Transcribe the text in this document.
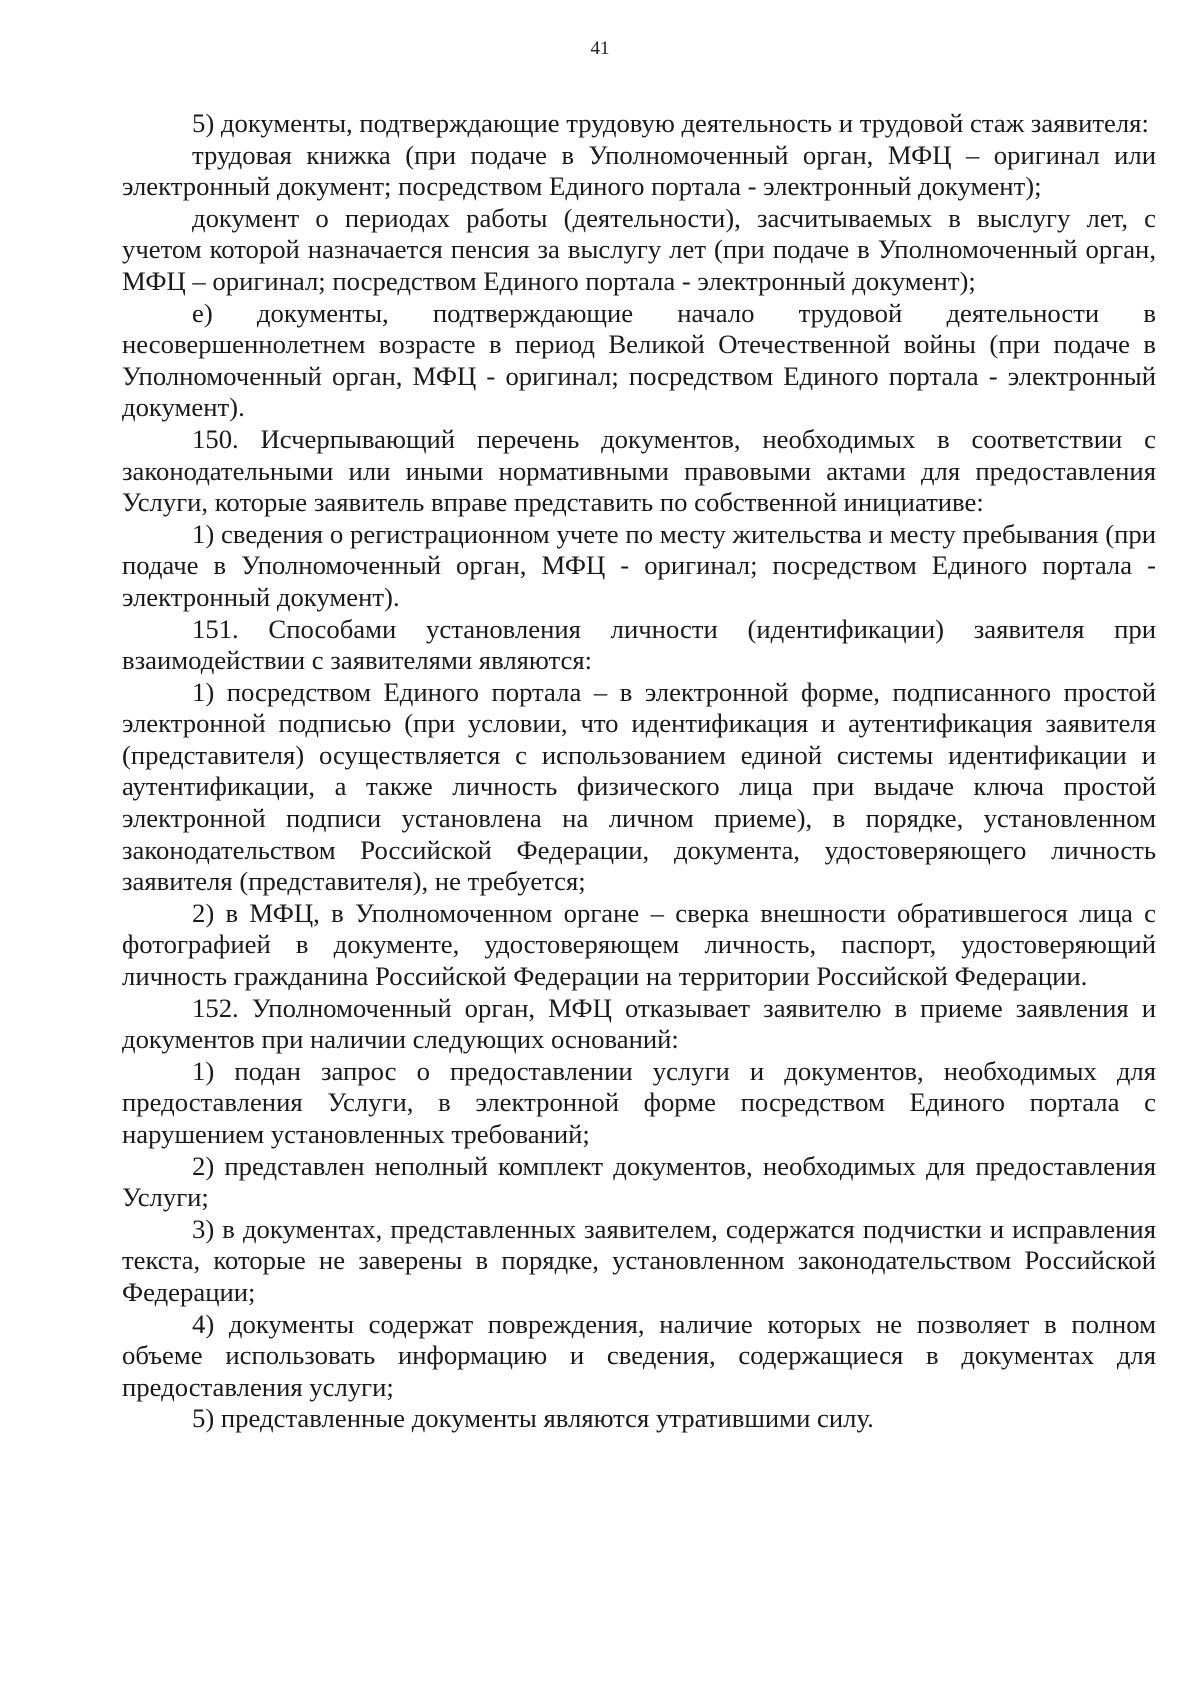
41

5) документы, подтверждающие трудовую деятельность и трудовой стаж заявителя:

трудовая книжка (при подаче в Уполномоченный орган, МФЦ – оригинал или электронный документ; посредством Единого портала - электронный документ);

документ о периодах работы (деятельности), засчитываемых в выслугу лет, с учетом которой назначается пенсия за выслугу лет (при подаче в Уполномоченный орган, МФЦ – оригинал; посредством Единого портала - электронный документ);

е) документы, подтверждающие начало трудовой деятельности в несовершеннолетнем возрасте в период Великой Отечественной войны (при подаче в Уполномоченный орган, МФЦ - оригинал; посредством Единого портала - электронный документ).

150. Исчерпывающий перечень документов, необходимых в соответствии с законодательными или иными нормативными правовыми актами для предоставления Услуги, которые заявитель вправе представить по собственной инициативе:

1) сведения о регистрационном учете по месту жительства и месту пребывания (при подаче в Уполномоченный орган, МФЦ - оригинал; посредством Единого портала - электронный документ).

151. Способами установления личности (идентификации) заявителя при взаимодействии с заявителями являются:

1) посредством Единого портала – в электронной форме, подписанного простой электронной подписью (при условии, что идентификация и аутентификация заявителя (представителя) осуществляется с использованием единой системы идентификации и аутентификации, а также личность физического лица при выдаче ключа простой электронной подписи установлена на личном приеме), в порядке, установленном законодательством Российской Федерации, документа, удостоверяющего личность заявителя (представителя), не требуется;

2) в МФЦ, в Уполномоченном органе – сверка внешности обратившегося лица с фотографией в документе, удостоверяющем личность, паспорт, удостоверяющий личность гражданина Российской Федерации на территории Российской Федерации.

152. Уполномоченный орган, МФЦ отказывает заявителю в приеме заявления и документов при наличии следующих оснований:

1) подан запрос о предоставлении услуги и документов, необходимых для предоставления Услуги, в электронной форме посредством Единого портала с нарушением установленных требований;

2) представлен неполный комплект документов, необходимых для предоставления Услуги;

3) в документах, представленных заявителем, содержатся подчистки и исправления текста, которые не заверены в порядке, установленном законодательством Российской Федерации;

4) документы содержат повреждения, наличие которых не позволяет в полном объеме использовать информацию и сведения, содержащиеся в документах для предоставления услуги;

5) представленные документы являются утратившими силу.
